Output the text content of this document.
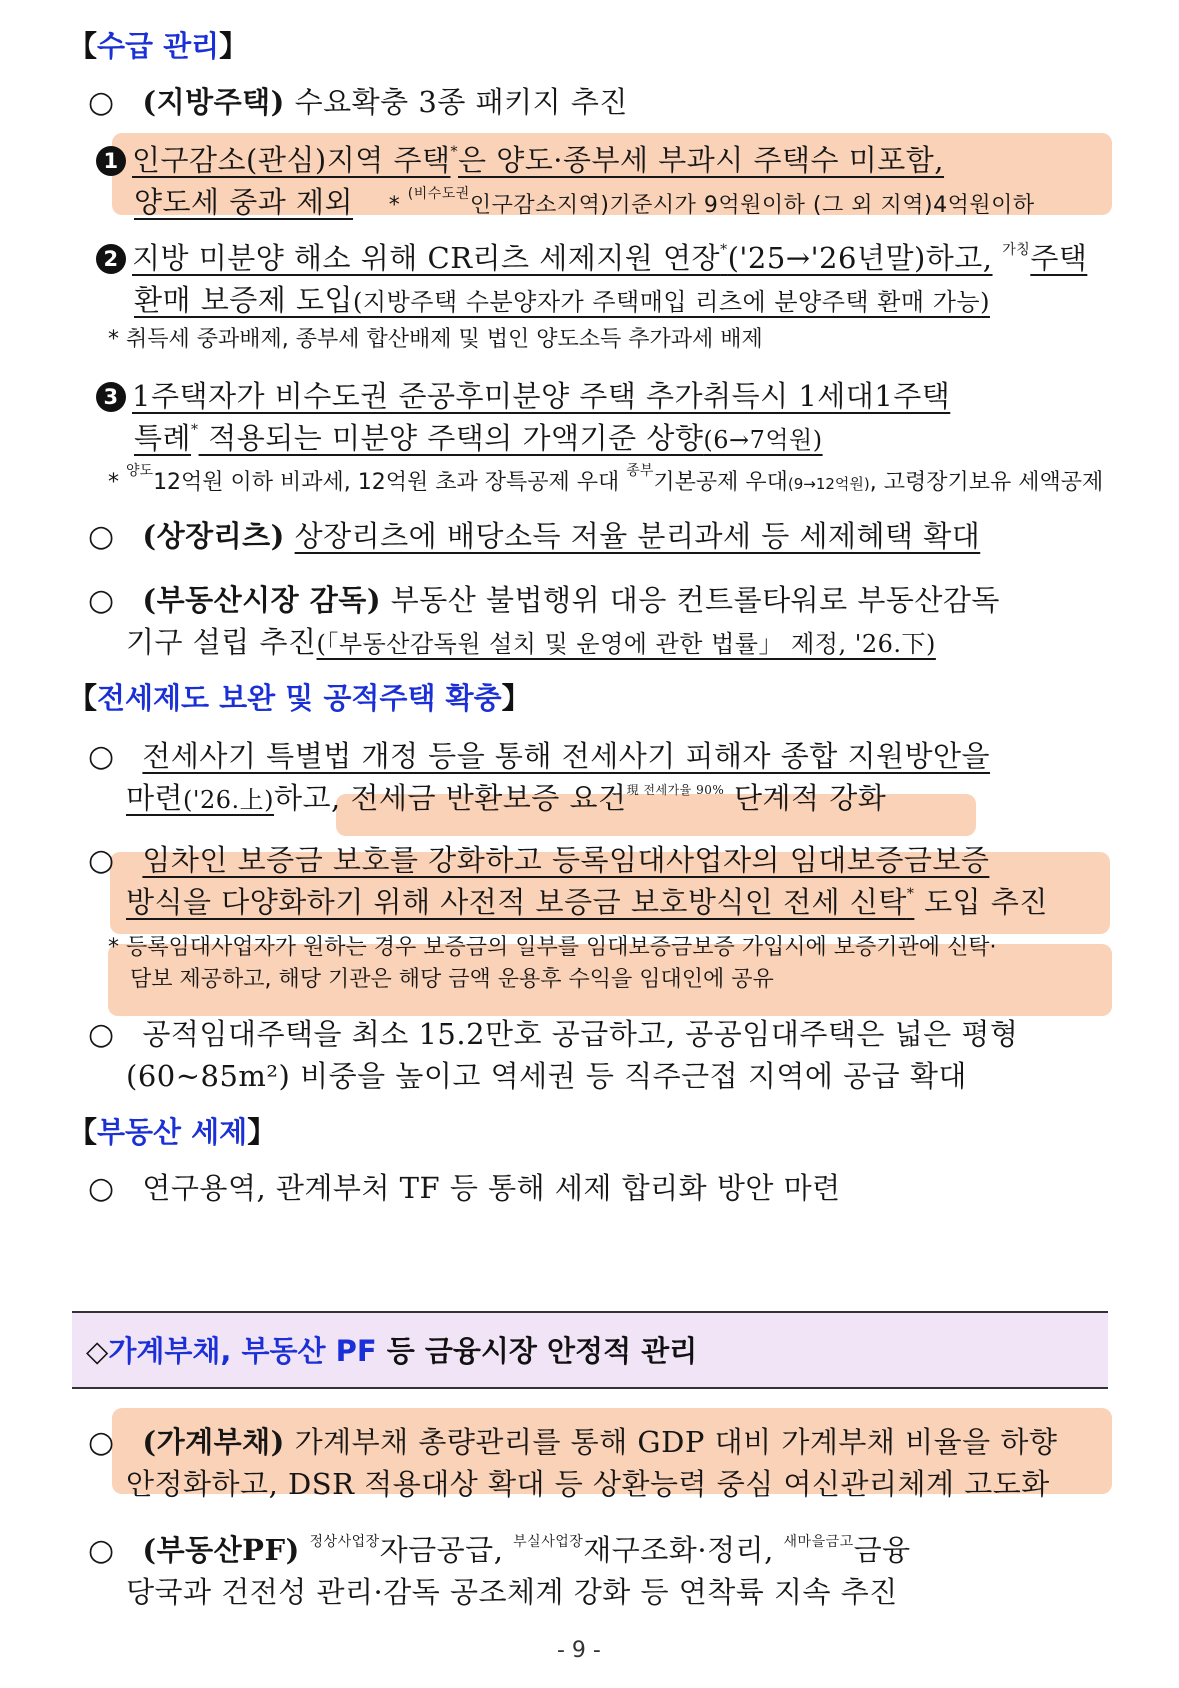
【수급 관리】
○ (지방주택) 수요확충 3종 패키지 추진
1 인구감소(관심)지역 주택*은 양도·종부세 부과시 주택수 미포함,
양도세 중과 제외 * $^{(비수도권}$인구감소지역)기준시가 9억원이하 (그 외 지역)4억원이하
2 지방 미분양 해소 위해 CR리츠 세제지원 연장*('25→'26년말)하고, $^{가칭}$주택
환매 보증제 도입(지방주택 수분양자가 주택매입 리츠에 분양주택 환매 가능)
* 취득세 중과배제, 종부세 합산배제 및 법인 양도소득 추가과세 배제
3 1주택자가 비수도권 준공후미분양 주택 추가취득시 1세대1주택
특례* 적용되는 미분양 주택의 가액기준 상향(6→7억원)
* $^{양도}$12억원 이하 비과세, 12억원 초과 장특공제 우대 $^{종부}$기본공제 우대(9→12억원), 고령장기보유 세액공제
○ (상장리츠) 상장리츠에 배당소득 저율 분리과세 등 세제혜택 확대
○ (부동산시장 감독) 부동산 불법행위 대응 컨트롤타워로 부동산감독
기구 설립 추진(「부동산감독원 설치 및 운영에 관한 법률」 제정, '26.下)
【전세제도 보완 및 공적주택 확충】
○ 전세사기 특별법 개정 등을 통해 전세사기 피해자 종합 지원방안을
마련('26.上)하고, 전세금 반환보증 요건$^{現 전세가율 90\%}$ 단계적 강화
○ 임차인 보증금 보호를 강화하고 등록임대사업자의 임대보증금보증
방식을 다양화하기 위해 사전적 보증금 보호방식인 전세 신탁* 도입 추진
* 등록임대사업자가 원하는 경우 보증금의 일부를 임대보증금보증 가입시에 보증기관에 신탁·
담보 제공하고, 해당 기관은 해당 금액 운용후 수익을 임대인에 공유
○ 공적임대주택을 최소 15.2만호 공급하고, 공공임대주택은 넓은 평형
(60~85m²) 비중을 높이고 역세권 등 직주근접 지역에 공급 확대
【부동산 세제】
○ 연구용역, 관계부처 TF 등 통해 세제 합리화 방안 마련
◇가계부채, 부동산 PF 등 금융시장 안정적 관리
○ (가계부채) 가계부채 총량관리를 통해 GDP 대비 가계부채 비율을 하향
안정화하고, DSR 적용대상 확대 등 상환능력 중심 여신관리체계 고도화
○ (부동산PF) $^{정상사업장}$자금공급, $^{부실사업장}$재구조화·정리, $^{새마을금고}$금융
당국과 건전성 관리·감독 공조체계 강화 등 연착륙 지속 추진
- 9 -
